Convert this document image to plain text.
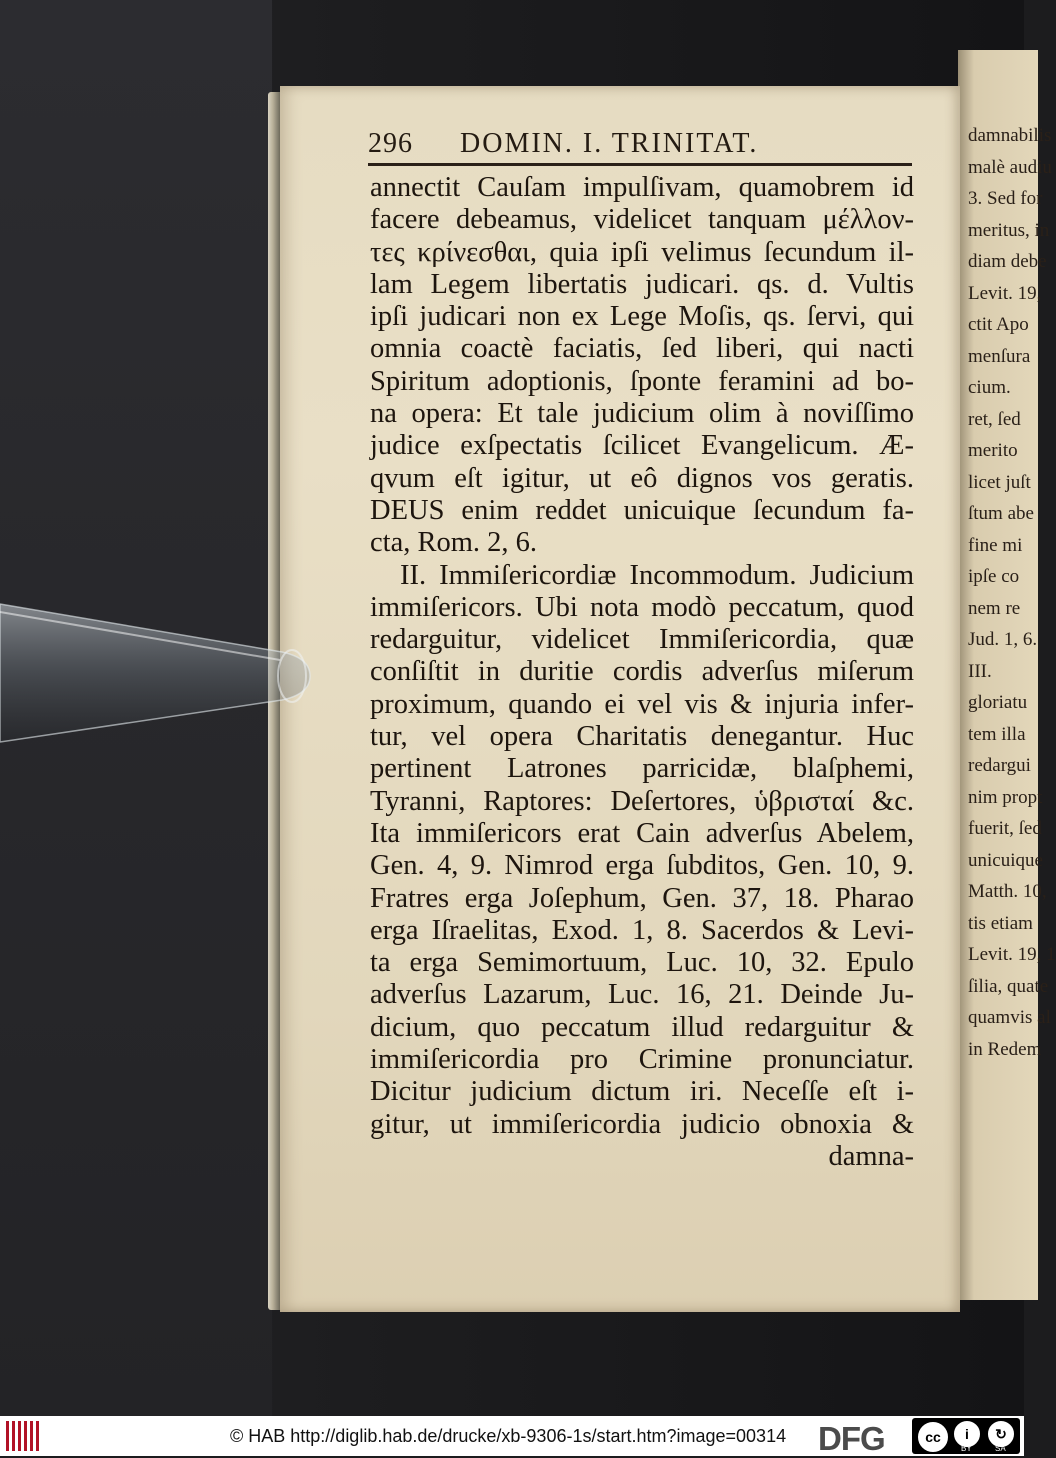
damnabilis
malè audiu
3. Sed for
meritus, in
diam debe
Levit. 19,
ctit Apo
menſura
cium.
ret, ſed
merito
licet juſt
ſtum abe
fine mi
ipſe co
nem re
Jud. 1, 6.
III.
gloriatu
tem illa
redargui
nim propt
fuerit, ſed
unicuique
Matth. 10,
tis etiam
Levit. 19, 1
ſilia, quate
quamvis al
in Redem
296 DOMIN. I. TRINITAT.
annectit Cauſam impulſivam, quamobrem id
facere debeamus, videlicet tanquam μέλλον-
τες κρίνεσθαι, quia ipſi velimus ſecundum il-
lam Legem libertatis judicari. qs. d. Vultis
ipſi judicari non ex Lege Moſis, qs. ſervi, qui
omnia coactè faciatis, ſed liberi, qui nacti
Spiritum adoptionis, ſponte feramini ad bo-
na opera: Et tale judicium olim à noviſſimo
judice exſpectatis ſcilicet Evangelicum. Æ-
qvum eſt igitur, ut eô dignos vos geratis.
DEUS enim reddet unicuique ſecundum fa-
cta, Rom. 2, 6.
II. Immiſericordiæ Incommodum. Judicium
immiſericors. Ubi nota modò peccatum, quod
redarguitur, videlicet Immiſericordia, quæ
conſiſtit in duritie cordis adverſus miſerum
proximum, quando ei vel vis & injuria infer-
tur, vel opera Charitatis denegantur. Huc
pertinent Latrones parricidæ, blaſphemi,
Tyranni, Raptores: Deſertores, ὑβρισταί &c.
Ita immiſericors erat Cain adverſus Abelem,
Gen. 4, 9. Nimrod erga ſubditos, Gen. 10, 9.
Fratres erga Joſephum, Gen. 37, 18. Pharao
erga Iſraelitas, Exod. 1, 8. Sacerdos & Levi-
ta erga Semimortuum, Luc. 10, 32. Epulo
adverſus Lazarum, Luc. 16, 21. Deinde Ju-
dicium, quo peccatum illud redarguitur &
immiſericordia pro Crimine pronunciatur.
Dicitur judicium dictum iri. Neceſſe eſt i-
gitur, ut immiſericordia judicio obnoxia &
damna-
© HAB http://diglib.hab.de/drucke/xb-9306-1s/start.htm?image=00314 DFG	cc	i	↻
BY	SA
